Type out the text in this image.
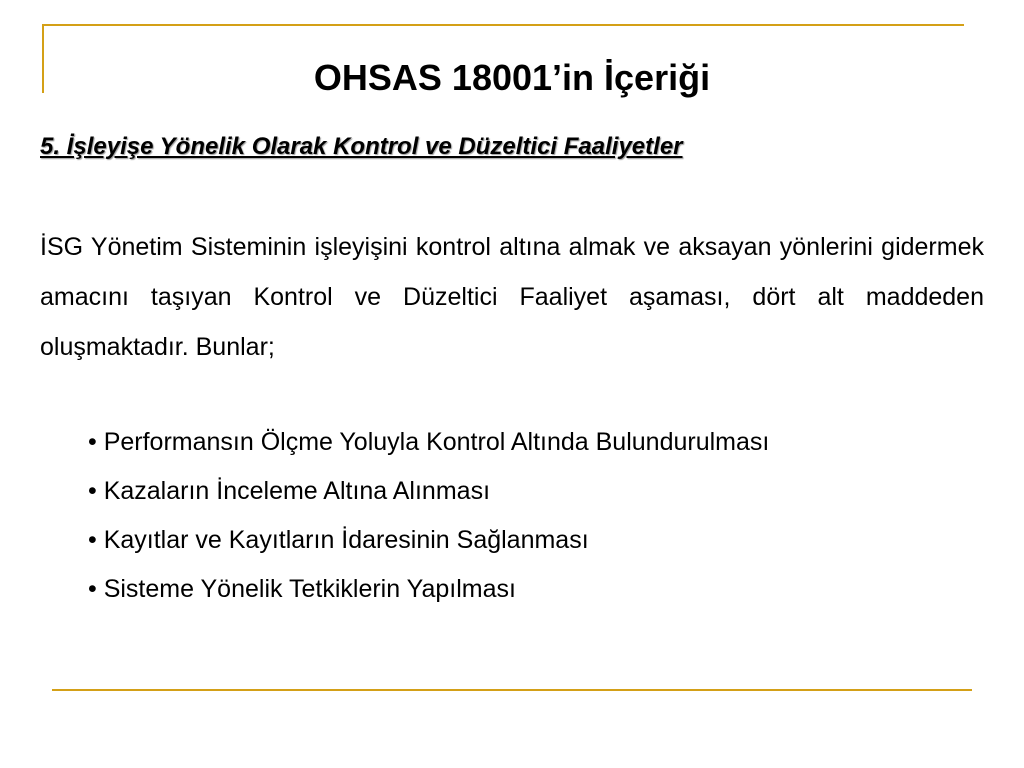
OHSAS 18001’in İçeriği
5. İşleyişe Yönelik Olarak Kontrol ve Düzeltici Faaliyetler

İSG Yönetim Sisteminin işleyişini kontrol altına almak ve aksayan yönlerini gidermek amacını taşıyan Kontrol ve Düzeltici Faaliyet aşaması, dört alt maddeden oluşmaktadır. Bunlar;

• Performansın Ölçme Yoluyla Kontrol Altında Bulundurulması
• Kazaların İnceleme Altına Alınması
• Kayıtlar ve Kayıtların İdaresinin Sağlanması
• Sisteme Yönelik Tetkiklerin Yapılması
